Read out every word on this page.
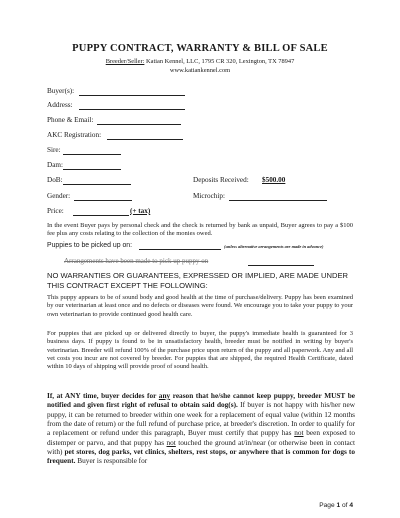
PUPPY CONTRACT, WARRANTY & BILL OF SALE
Breeder/Seller: Katian Kennel, LLC, 1795 CR 320, Lexington, TX 78947
www.katiankennel.com
Buyer(s):
Address:
Phone & Email:
AKC Registration:
Sire:
Dam:
DoB:	Deposits Received: $500.00
Gender:	Microchip:
Price:	(+ tax)
In the event Buyer pays by personal check and the check is returned by bank as unpaid, Buyer agrees to pay a $100 fee plus any costs relating to the collection of the monies owed.
Puppies to be picked up on:	(unless alternative arrangements are made in advance)
Arrangements have been made to pick up puppy on
NO WARRANTIES OR GUARANTEES, EXPRESSED OR IMPLIED, ARE MADE UNDER THIS CONTRACT EXCEPT THE FOLLOWING:
This puppy appears to be of sound body and good health at the time of purchase/delivery. Puppy has been examined by our veterinarian at least once and no defects or diseases were found. We encourage you to take your puppy to your own veterinarian to provide continued good health care.
For puppies that are picked up or delivered directly to buyer, the puppy's immediate health is guaranteed for 3 business days. If puppy is found to be in unsatisfactory health, breeder must be notified in writing by buyer's veterinarian. Breeder will refund 100% of the purchase price upon return of the puppy and all paperwork. Any and all vet costs you incur are not covered by breeder. For puppies that are shipped, the required Health Certificate, dated within 10 days of shipping will provide proof of sound health.
If, at ANY time, buyer decides for any reason that he/she cannot keep puppy, breeder MUST be notified and given first right of refusal to obtain said dog(s). If buyer is not happy with his/her new puppy, it can be returned to breeder within one week for a replacement of equal value (within 12 months from the date of return) or the full refund of purchase price, at breeder's discretion. In order to qualify for a replacement or refund under this paragraph, Buyer must certify that puppy has not been exposed to distemper or parvo, and that puppy has not touched the ground at/in/near (or otherwise been in contact with) pet stores, dog parks, vet clinics, shelters, rest stops, or anywhere that is common for dogs to frequent. Buyer is responsible for
Page 1 of 4
